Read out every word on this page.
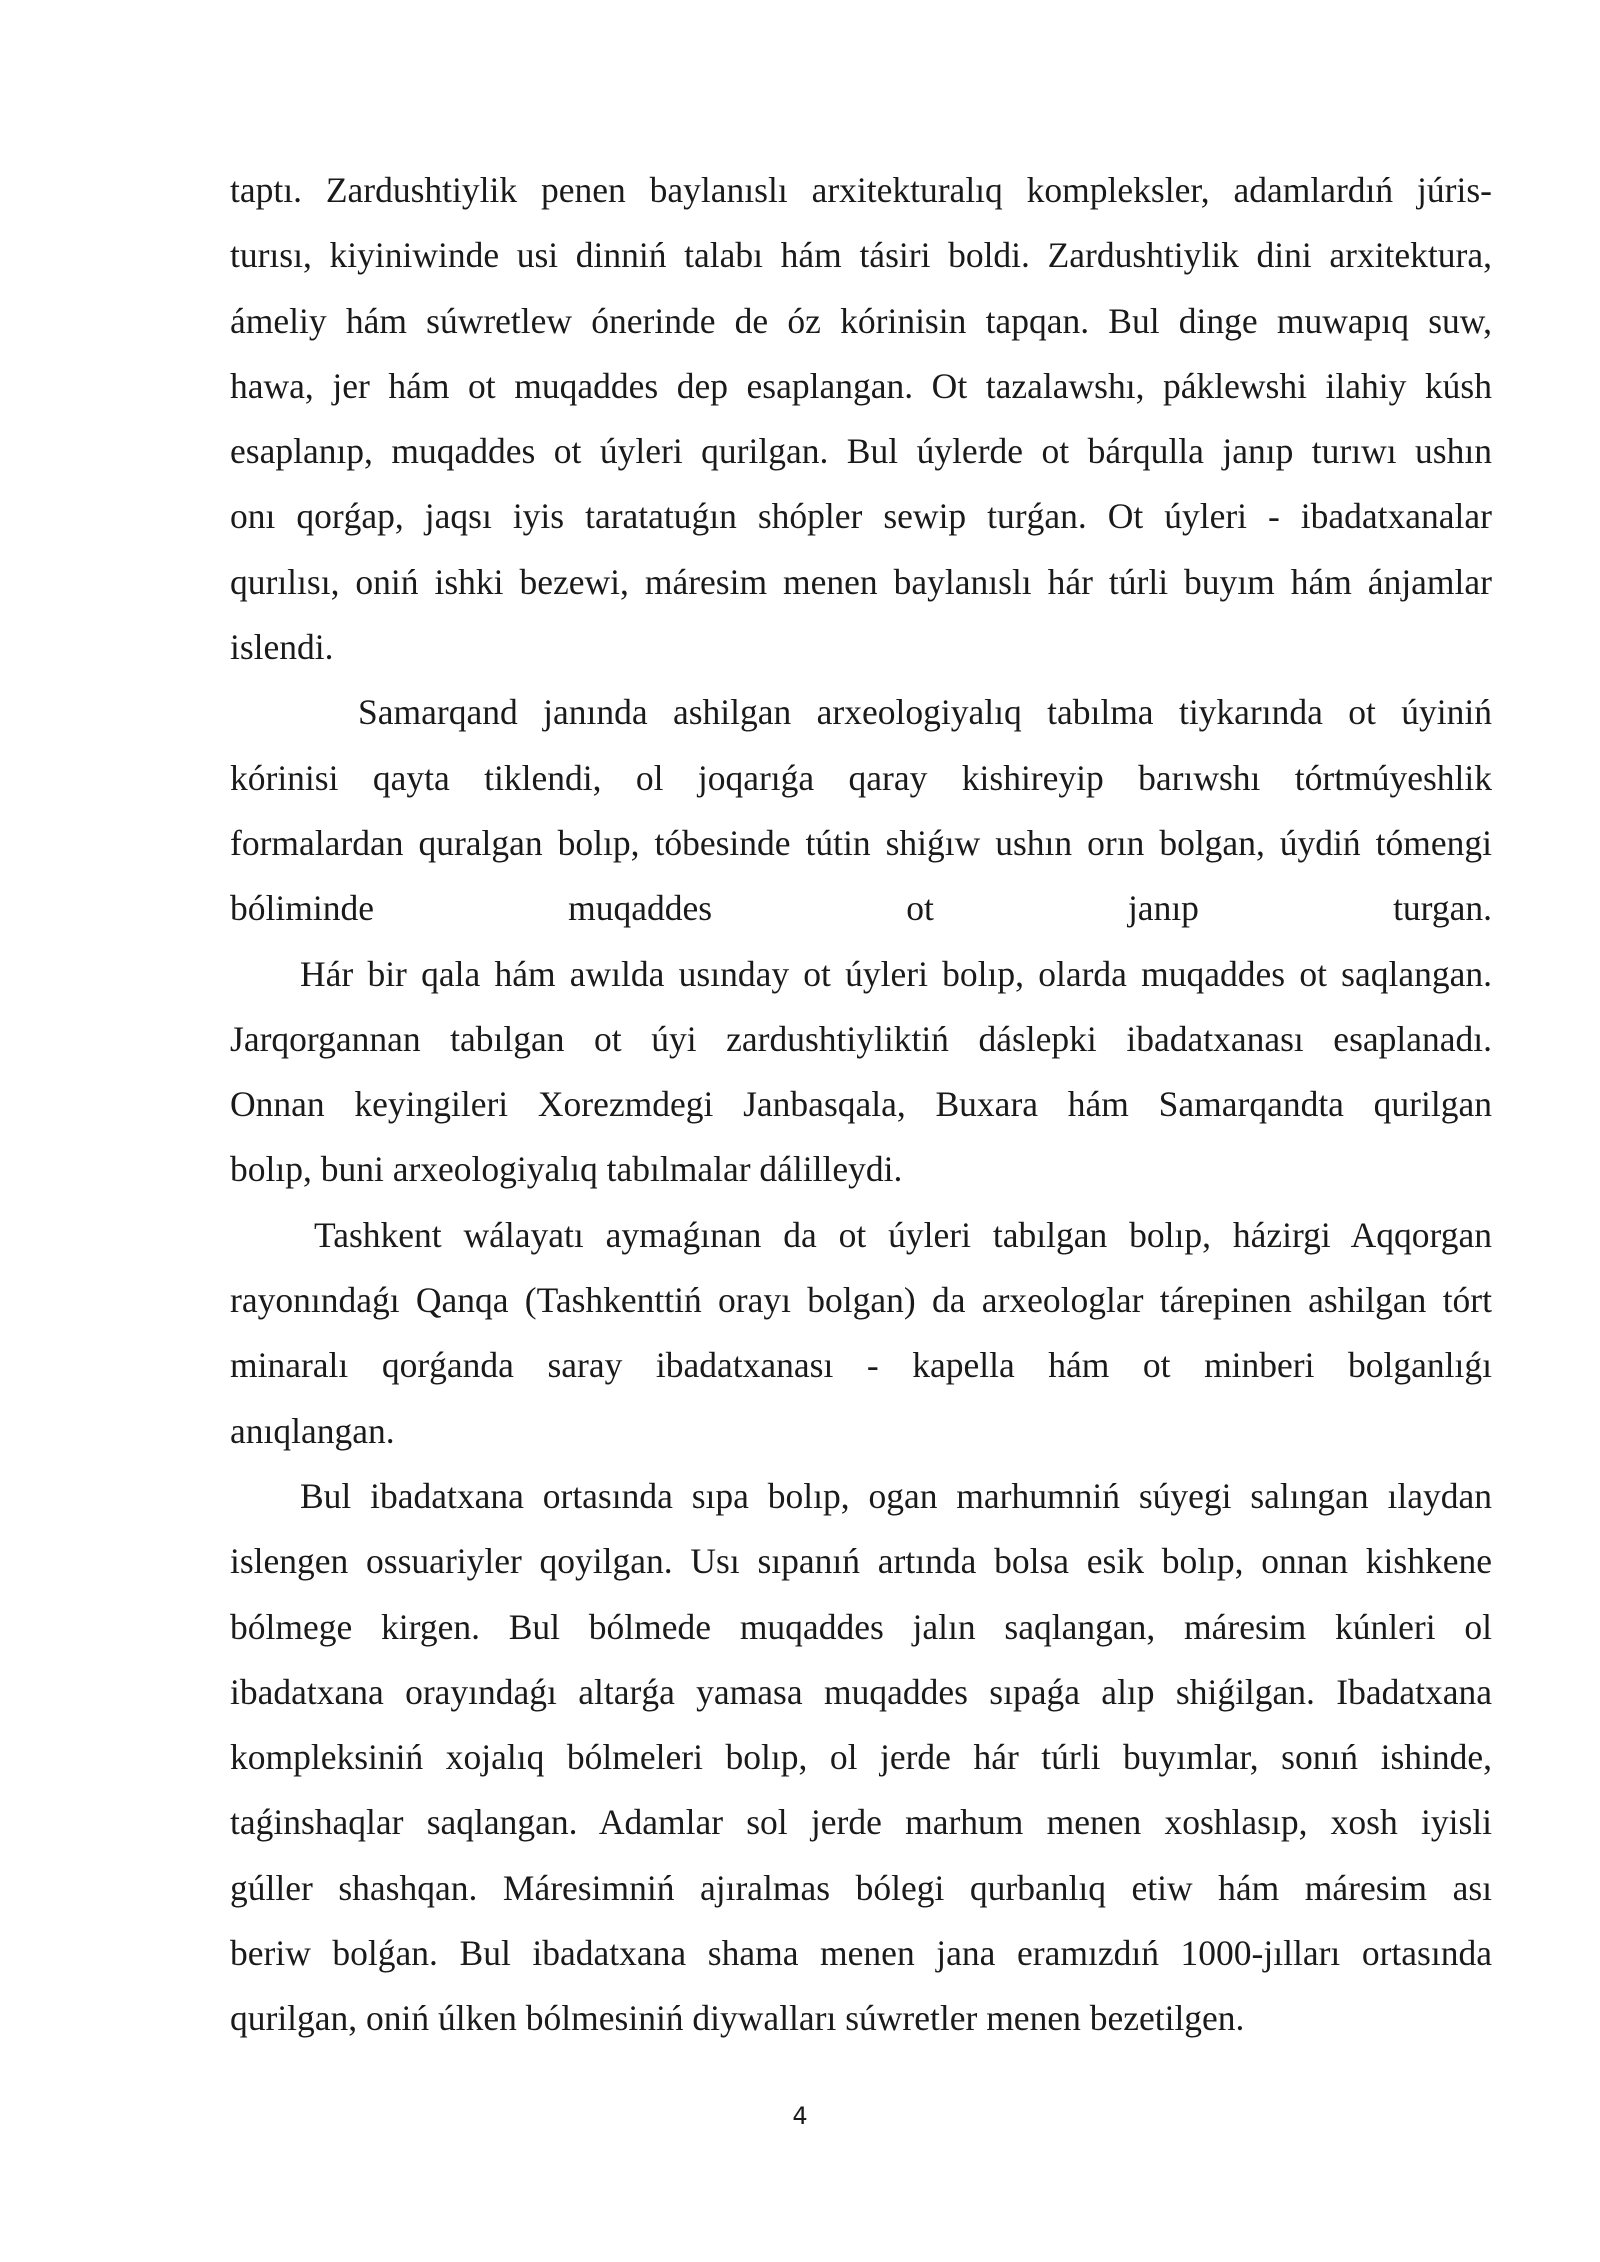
taptı. Zardushtiylik penen baylanıslı arxitekturalıq kompleksler, adamlardıń júris-
turısı, kiyiniwinde usi dinniń talabı hám tásiri boldi. Zardushtiylik dini arxitektura,
ámeliy hám súwretlew ónerinde de óz kórinisin tapqan. Bul dinge muwapıq suw,
hawa, jer hám ot muqaddes dep esaplangan. Ot tazalawshı, páklewshi ilahiy kúsh
esaplanıp, muqaddes ot úyleri qurilgan. Bul úylerde ot bárqulla janıp turıwı ushın
onı qorǵap, jaqsı iyis taratatuǵın shópler sewip turǵan. Ot úyleri - ibadatxanalar
qurılısı, oniń ishki bezewi, máresim menen baylanıslı hár túrli buyım hám ánjamlar
islendi.
Samarqand janında ashilgan arxeologiyalıq tabılma tiykarında ot úyiniń
kórinisi qayta tiklendi, ol joqarıǵa qaray kishireyip barıwshı tórtmúyeshlik
formalardan quralgan bolıp, tóbesinde tútin shiǵıw ushın orın bolgan, úydiń tómengi
bóliminde muqaddes ot janıp turgan.
Hár bir qala hám awılda usınday ot úyleri bolıp, olarda muqaddes ot saqlangan.
Jarqorgannan tabılgan ot úyi zardushtiyliktiń dáslepki ibadatxanası esaplanadı.
Onnan keyingileri Xorezmdegi Janbasqala, Buxara hám Samarqandta qurilgan
bolıp, buni arxeologiyalıq tabılmalar dálilleydi.
Tashkent wálayatı aymaǵınan da ot úyleri tabılgan bolıp, házirgi Aqqorgan
rayonındaǵı Qanqa (Tashkenttiń orayı bolgan) da arxeologlar tárepinen ashilgan tórt
minaralı qorǵanda saray ibadatxanası - kapella hám ot minberi bolganlıǵı
anıqlangan.
Bul ibadatxana ortasında sıpa bolıp, ogan marhumniń súyegi salıngan ılaydan
islengen ossuariyler qoyilgan. Usı sıpanıń artında bolsa esik bolıp, onnan kishkene
bólmege kirgen. Bul bólmede muqaddes jalın saqlangan, máresim kúnleri ol
ibadatxana orayındaǵı altarǵa yamasa muqaddes sıpaǵa alıp shiǵilgan. Ibadatxana
kompleksiniń xojalıq bólmeleri bolıp, ol jerde hár túrli buyımlar, sonıń ishinde,
taǵinshaqlar saqlangan. Adamlar sol jerde marhum menen xoshlasıp, xosh iyisli
gúller shashqan. Máresimniń ajıralmas bólegi qurbanlıq etiw hám máresim ası
beriw bolǵan. Bul ibadatxana shama menen jana eramızdıń 1000-jılları ortasında
qurilgan, oniń úlken bólmesiniń diywalları súwretler menen bezetilgen.
4
